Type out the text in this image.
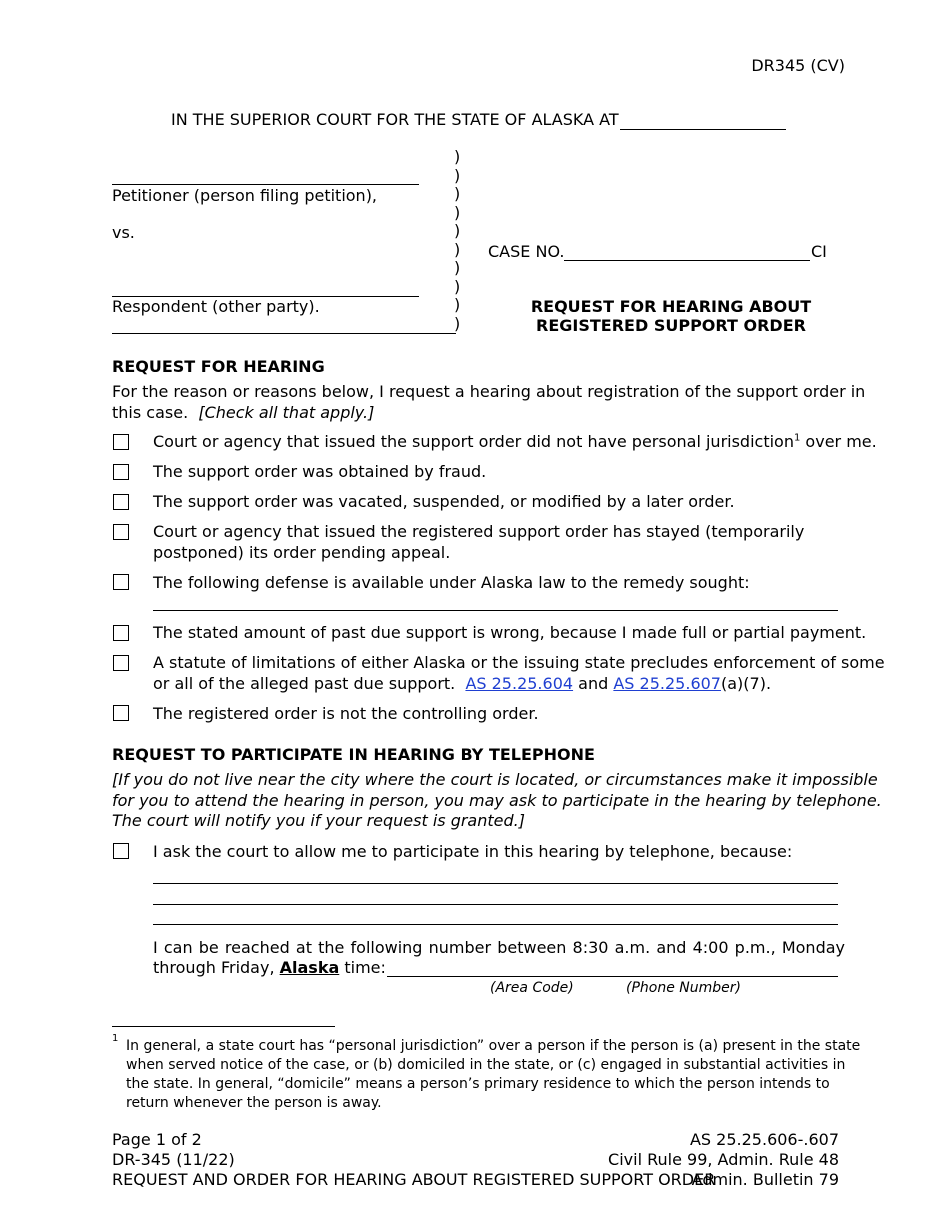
DR345 (CV)
IN THE SUPERIOR COURT FOR THE STATE OF ALASKA AT
Petitioner (person filing petition),
vs.
Respondent (other party).
)
)
)
)
)
)
)
)
)
)
CASE NO.	CI
REQUEST FOR HEARING ABOUT
REGISTERED SUPPORT ORDER
REQUEST FOR HEARING
For the reason or reasons below, I request a hearing about registration of the support order in
this case. [Check all that apply.]
Court or agency that issued the support order did not have personal jurisdiction$^1$ over me.
The support order was obtained by fraud.
The support order was vacated, suspended, or modified by a later order.
Court or agency that issued the registered support order has stayed (temporarily
postponed) its order pending appeal.
The following defense is available under Alaska law to the remedy sought:
The stated amount of past due support is wrong, because I made full or partial payment.
A statute of limitations of either Alaska or the issuing state precludes enforcement of some
or all of the alleged past due support. AS 25.25.604 and AS 25.25.607(a)(7).
The registered order is not the controlling order.
REQUEST TO PARTICIPATE IN HEARING BY TELEPHONE
[If you do not live near the city where the court is located, or circumstances make it impossible
for you to attend the hearing in person, you may ask to participate in the hearing by telephone.
The court will notify you if your request is granted.]
I ask the court to allow me to participate in this hearing by telephone, because:
I can be reached at the following number between 8:30 a.m. and 4:00 p.m., Monday
through Friday, Alaska time:
(Area Code)	(Phone Number)
1 In general, a state court has “personal jurisdiction” over a person if the person is (a) present in the state
when served notice of the case, or (b) domiciled in the state, or (c) engaged in substantial activities in
the state. In general, “domicile” means a person’s primary residence to which the person intends to
return whenever the person is away.
Page 1 of 2
DR-345 (11/22)
REQUEST AND ORDER FOR HEARING ABOUT REGISTERED SUPPORT ORDER
AS 25.25.606-.607
Civil Rule 99, Admin. Rule 48
Admin. Bulletin 79
